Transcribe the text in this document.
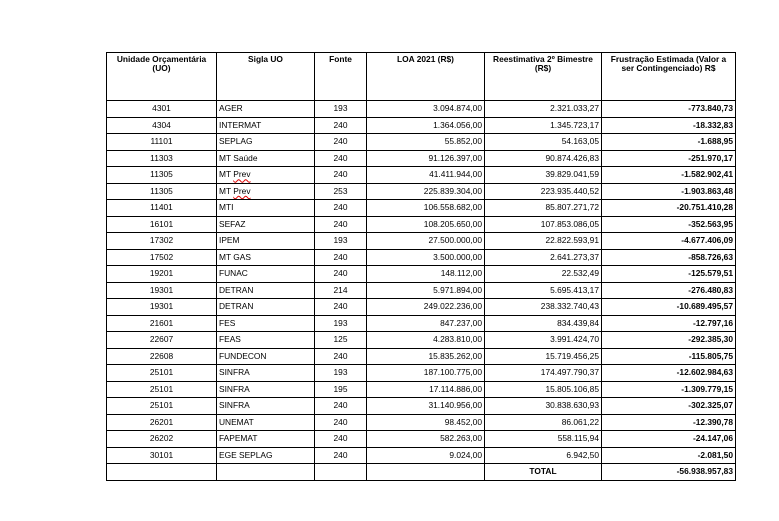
Unidade Orçamentária (UO)	Sigla UO	Fonte	LOA 2021 (R$)	Reestimativa 2º Bimestre (R$)	Frustração Estimada (Valor a ser Contingenciado) R$
4301	AGER	193	3.094.874,00	2.321.033,27	-773.840,73
4304	INTERMAT	240	1.364.056,00	1.345.723,17	-18.332,83
11101	SEPLAG	240	55.852,00	54.163,05	-1.688,95
11303	MT Saúde	240	91.126.397,00	90.874.426,83	-251.970,17
11305	MT Prev	240	41.411.944,00	39.829.041,59	-1.582.902,41
11305	MT Prev	253	225.839.304,00	223.935.440,52	-1.903.863,48
11401	MTI	240	106.558.682,00	85.807.271,72	-20.751.410,28
16101	SEFAZ	240	108.205.650,00	107.853.086,05	-352.563,95
17302	IPEM	193	27.500.000,00	22.822.593,91	-4.677.406,09
17502	MT GAS	240	3.500.000,00	2.641.273,37	-858.726,63
19201	FUNAC	240	148.112,00	22.532,49	-125.579,51
19301	DETRAN	214	5.971.894,00	5.695.413,17	-276.480,83
19301	DETRAN	240	249.022.236,00	238.332.740,43	-10.689.495,57
21601	FES	193	847.237,00	834.439,84	-12.797,16
22607	FEAS	125	4.283.810,00	3.991.424,70	-292.385,30
22608	FUNDECON	240	15.835.262,00	15.719.456,25	-115.805,75
25101	SINFRA	193	187.100.775,00	174.497.790,37	-12.602.984,63
25101	SINFRA	195	17.114.886,00	15.805.106,85	-1.309.779,15
25101	SINFRA	240	31.140.956,00	30.838.630,93	-302.325,07
26201	UNEMAT	240	98.452,00	86.061,22	-12.390,78
26202	FAPEMAT	240	582.263,00	558.115,94	-24.147,06
30101	EGE SEPLAG	240	9.024,00	6.942,50	-2.081,50
				TOTAL	-56.938.957,83
